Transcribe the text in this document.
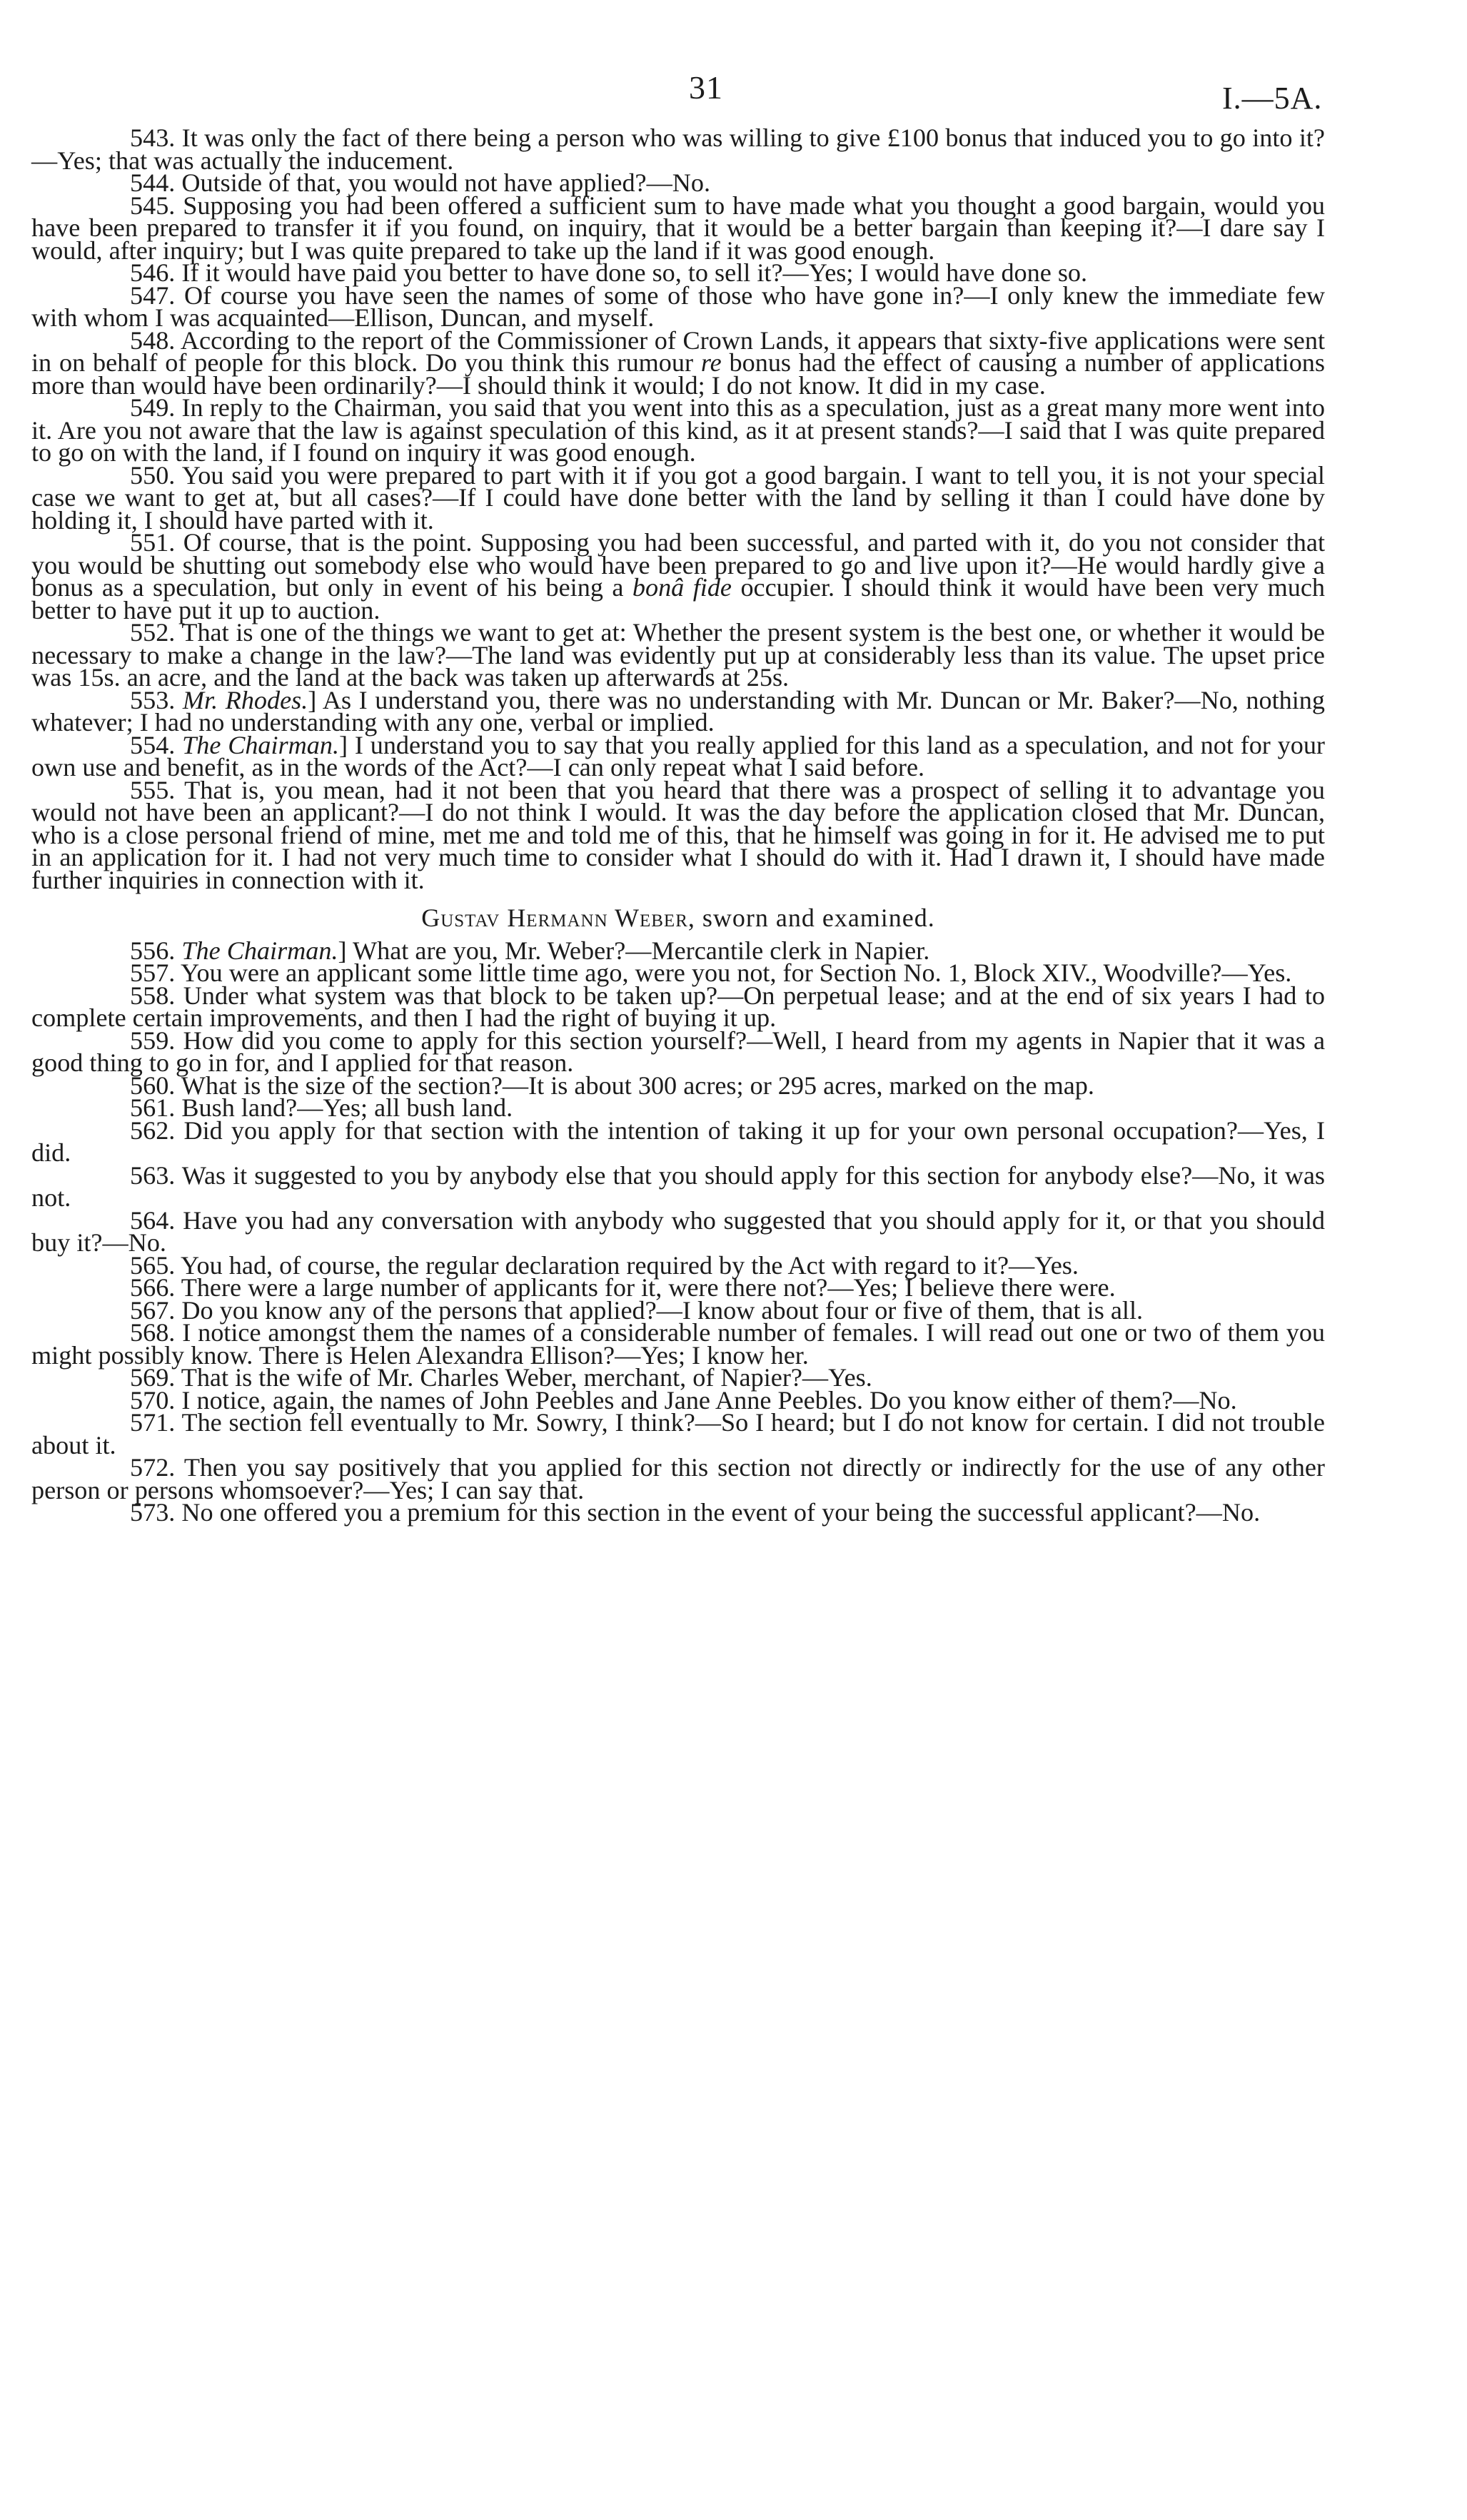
31	I.—5A.

543. It was only the fact of there being a person who was willing to give £100 bonus that induced you to go into it?—Yes; that was actually the inducement.

544. Outside of that, you would not have applied?—No.

545. Supposing you had been offered a sufficient sum to have made what you thought a good bargain, would you have been prepared to transfer it if you found, on inquiry, that it would be a better bargain than keeping it?—I dare say I would, after inquiry; but I was quite prepared to take up the land if it was good enough.

546. If it would have paid you better to have done so, to sell it?—Yes; I would have done so.

547. Of course you have seen the names of some of those who have gone in?—I only knew the immediate few with whom I was acquainted—Ellison, Duncan, and myself.

548. According to the report of the Commissioner of Crown Lands, it appears that sixty-five applications were sent in on behalf of people for this block. Do you think this rumour re bonus had the effect of causing a number of applications more than would have been ordinarily?—I should think it would; I do not know. It did in my case.

549. In reply to the Chairman, you said that you went into this as a speculation, just as a great many more went into it. Are you not aware that the law is against speculation of this kind, as it at present stands?—I said that I was quite prepared to go on with the land, if I found on inquiry it was good enough.

550. You said you were prepared to part with it if you got a good bargain. I want to tell you, it is not your special case we want to get at, but all cases?—If I could have done better with the land by selling it than I could have done by holding it, I should have parted with it.

551. Of course, that is the point. Supposing you had been successful, and parted with it, do you not consider that you would be shutting out somebody else who would have been prepared to go and live upon it?—He would hardly give a bonus as a speculation, but only in event of his being a bonâ fide occupier. I should think it would have been very much better to have put it up to auction.

552. That is one of the things we want to get at: Whether the present system is the best one, or whether it would be necessary to make a change in the law?—The land was evidently put up at considerably less than its value. The upset price was 15s. an acre, and the land at the back was taken up afterwards at 25s.

553. Mr. Rhodes.] As I understand you, there was no understanding with Mr. Duncan or Mr. Baker?—No, nothing whatever; I had no understanding with any one, verbal or implied.

554. The Chairman.] I understand you to say that you really applied for this land as a speculation, and not for your own use and benefit, as in the words of the Act?—I can only repeat what I said before.

555. That is, you mean, had it not been that you heard that there was a prospect of selling it to advantage you would not have been an applicant?—I do not think I would. It was the day before the application closed that Mr. Duncan, who is a close personal friend of mine, met me and told me of this, that he himself was going in for it. He advised me to put in an application for it. I had not very much time to consider what I should do with it. Had I drawn it, I should have made further inquiries in connection with it.

Gustav Hermann Weber, sworn and examined.

556. The Chairman.] What are you, Mr. Weber?—Mercantile clerk in Napier.

557. You were an applicant some little time ago, were you not, for Section No. 1, Block XIV., Woodville?—Yes.

558. Under what system was that block to be taken up?—On perpetual lease; and at the end of six years I had to complete certain improvements, and then I had the right of buying it up.

559. How did you come to apply for this section yourself?—Well, I heard from my agents in Napier that it was a good thing to go in for, and I applied for that reason.

560. What is the size of the section?—It is about 300 acres; or 295 acres, marked on the map.

561. Bush land?—Yes; all bush land.

562. Did you apply for that section with the intention of taking it up for your own personal occupation?—Yes, I did.

563. Was it suggested to you by anybody else that you should apply for this section for anybody else?—No, it was not.

564. Have you had any conversation with anybody who suggested that you should apply for it, or that you should buy it?—No.

565. You had, of course, the regular declaration required by the Act with regard to it?—Yes.

566. There were a large number of applicants for it, were there not?—Yes; I believe there were.

567. Do you know any of the persons that applied?—I know about four or five of them, that is all.

568. I notice amongst them the names of a considerable number of females. I will read out one or two of them you might possibly know. There is Helen Alexandra Ellison?—Yes; I know her.

569. That is the wife of Mr. Charles Weber, merchant, of Napier?—Yes.

570. I notice, again, the names of John Peebles and Jane Anne Peebles. Do you know either of them?—No.

571. The section fell eventually to Mr. Sowry, I think?—So I heard; but I do not know for certain. I did not trouble about it.

572. Then you say positively that you applied for this section not directly or indirectly for the use of any other person or persons whomsoever?—Yes; I can say that.

573. No one offered you a premium for this section in the event of your being the successful applicant?—No.
